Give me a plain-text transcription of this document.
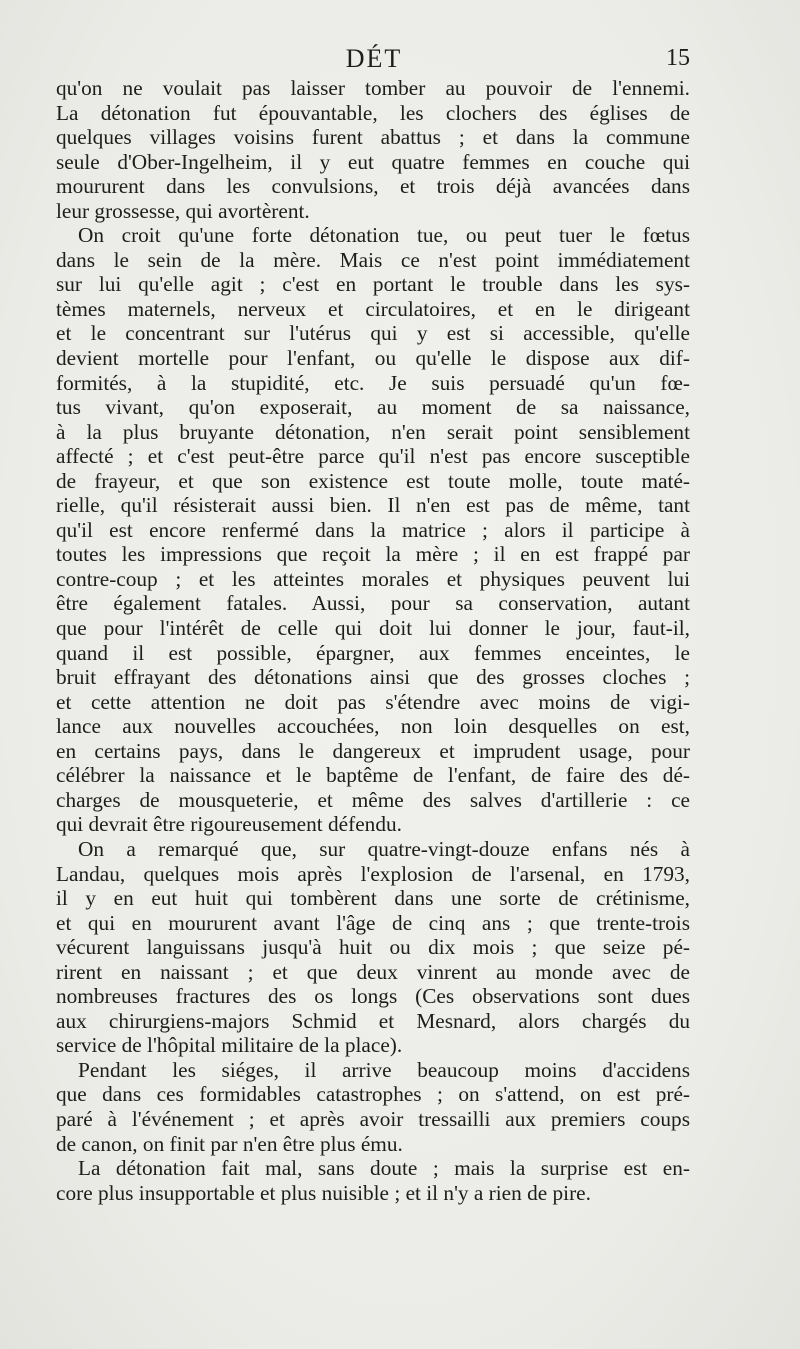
DÉT	15
qu'on ne voulait pas laisser tomber au pouvoir de l'ennemi.
La détonation fut épouvantable, les clochers des églises de
quelques villages voisins furent abattus ; et dans la commune
seule d'Ober-Ingelheim, il y eut quatre femmes en couche qui
moururent dans les convulsions, et trois déjà avancées dans
leur grossesse, qui avortèrent.
On croit qu'une forte détonation tue, ou peut tuer le fœtus
dans le sein de la mère. Mais ce n'est point immédiatement
sur lui qu'elle agit ; c'est en portant le trouble dans les sys-
tèmes maternels, nerveux et circulatoires, et en le dirigeant
et le concentrant sur l'utérus qui y est si accessible, qu'elle
devient mortelle pour l'enfant, ou qu'elle le dispose aux dif-
formités, à la stupidité, etc. Je suis persuadé qu'un fœ-
tus vivant, qu'on exposerait, au moment de sa naissance,
à la plus bruyante détonation, n'en serait point sensiblement
affecté ; et c'est peut-être parce qu'il n'est pas encore susceptible
de frayeur, et que son existence est toute molle, toute maté-
rielle, qu'il résisterait aussi bien. Il n'en est pas de même, tant
qu'il est encore renfermé dans la matrice ; alors il participe à
toutes les impressions que reçoit la mère ; il en est frappé par
contre-coup ; et les atteintes morales et physiques peuvent lui
être également fatales. Aussi, pour sa conservation, autant
que pour l'intérêt de celle qui doit lui donner le jour, faut-il,
quand il est possible, épargner, aux femmes enceintes, le
bruit effrayant des détonations ainsi que des grosses cloches ;
et cette attention ne doit pas s'étendre avec moins de vigi-
lance aux nouvelles accouchées, non loin desquelles on est,
en certains pays, dans le dangereux et imprudent usage, pour
célébrer la naissance et le baptême de l'enfant, de faire des dé-
charges de mousqueterie, et même des salves d'artillerie : ce
qui devrait être rigoureusement défendu.
On a remarqué que, sur quatre-vingt-douze enfans nés à
Landau, quelques mois après l'explosion de l'arsenal, en 1793,
il y en eut huit qui tombèrent dans une sorte de crétinisme,
et qui en moururent avant l'âge de cinq ans ; que trente-trois
vécurent languissans jusqu'à huit ou dix mois ; que seize pé-
rirent en naissant ; et que deux vinrent au monde avec de
nombreuses fractures des os longs (Ces observations sont dues
aux chirurgiens-majors Schmid et Mesnard, alors chargés du
service de l'hôpital militaire de la place).
Pendant les siéges, il arrive beaucoup moins d'accidens
que dans ces formidables catastrophes ; on s'attend, on est pré-
paré à l'événement ; et après avoir tressailli aux premiers coups
de canon, on finit par n'en être plus ému.
La détonation fait mal, sans doute ; mais la surprise est en-
core plus insupportable et plus nuisible ; et il n'y a rien de pire.
